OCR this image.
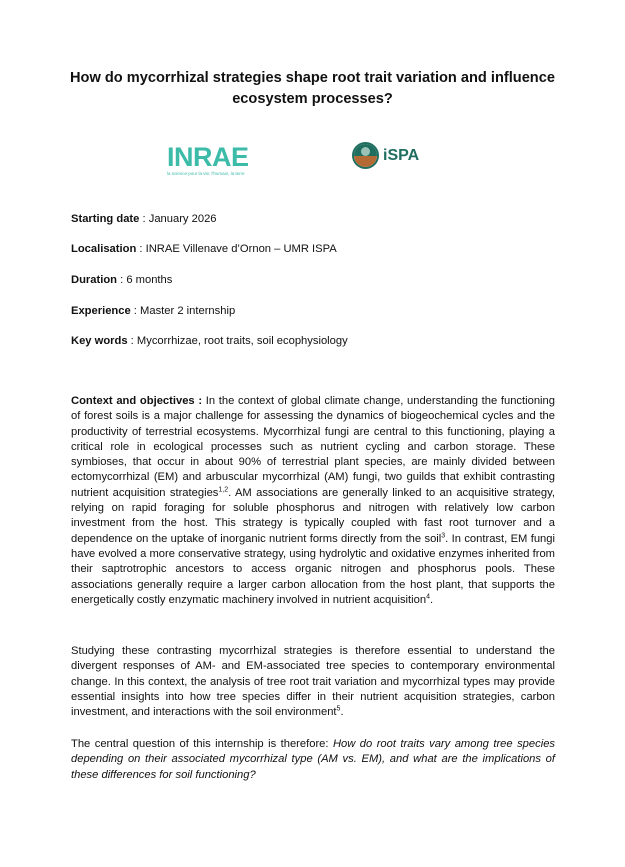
How do mycorrhizal strategies shape root trait variation and influence ecosystem processes?
INRAE
la science pour la vie, l'humain, la terre
iSPA
Starting date : January 2026
Localisation : INRAE Villenave d’Ornon – UMR ISPA
Duration : 6 months
Experience : Master 2 internship
Key words : Mycorrhizae, root traits, soil ecophysiology
Context and objectives : In the context of global climate change, understanding the functioning of forest soils is a major challenge for assessing the dynamics of biogeochemical cycles and the productivity of terrestrial ecosystems. Mycorrhizal fungi are central to this functioning, playing a critical role in ecological processes such as nutrient cycling and carbon storage. These symbioses, that occur in about 90% of terrestrial plant species, are mainly divided between ectomycorrhizal (EM) and arbuscular mycorrhizal (AM) fungi, two guilds that exhibit contrasting nutrient acquisition strategies$^{1,2}$. AM associations are generally linked to an acquisitive strategy, relying on rapid foraging for soluble phosphorus and nitrogen with relatively low carbon investment from the host. This strategy is typically coupled with fast root turnover and a dependence on the uptake of inorganic nutrient forms directly from the soil$^3$. In contrast, EM fungi have evolved a more conservative strategy, using hydrolytic and oxidative enzymes inherited from their saptrotrophic ancestors to access organic nitrogen and phosphorus pools. These associations generally require a larger carbon allocation from the host plant, that supports the energetically costly enzymatic machinery involved in nutrient acquisition$^4$.
Studying these contrasting mycorrhizal strategies is therefore essential to understand the divergent responses of AM- and EM-associated tree species to contemporary environmental change. In this context, the analysis of tree root trait variation and mycorrhizal types may provide essential insights into how tree species differ in their nutrient acquisition strategies, carbon investment, and interactions with the soil environment$^5$.
The central question of this internship is therefore: How do root traits vary among tree species depending on their associated mycorrhizal type (AM vs. EM), and what are the implications of these differences for soil functioning?
